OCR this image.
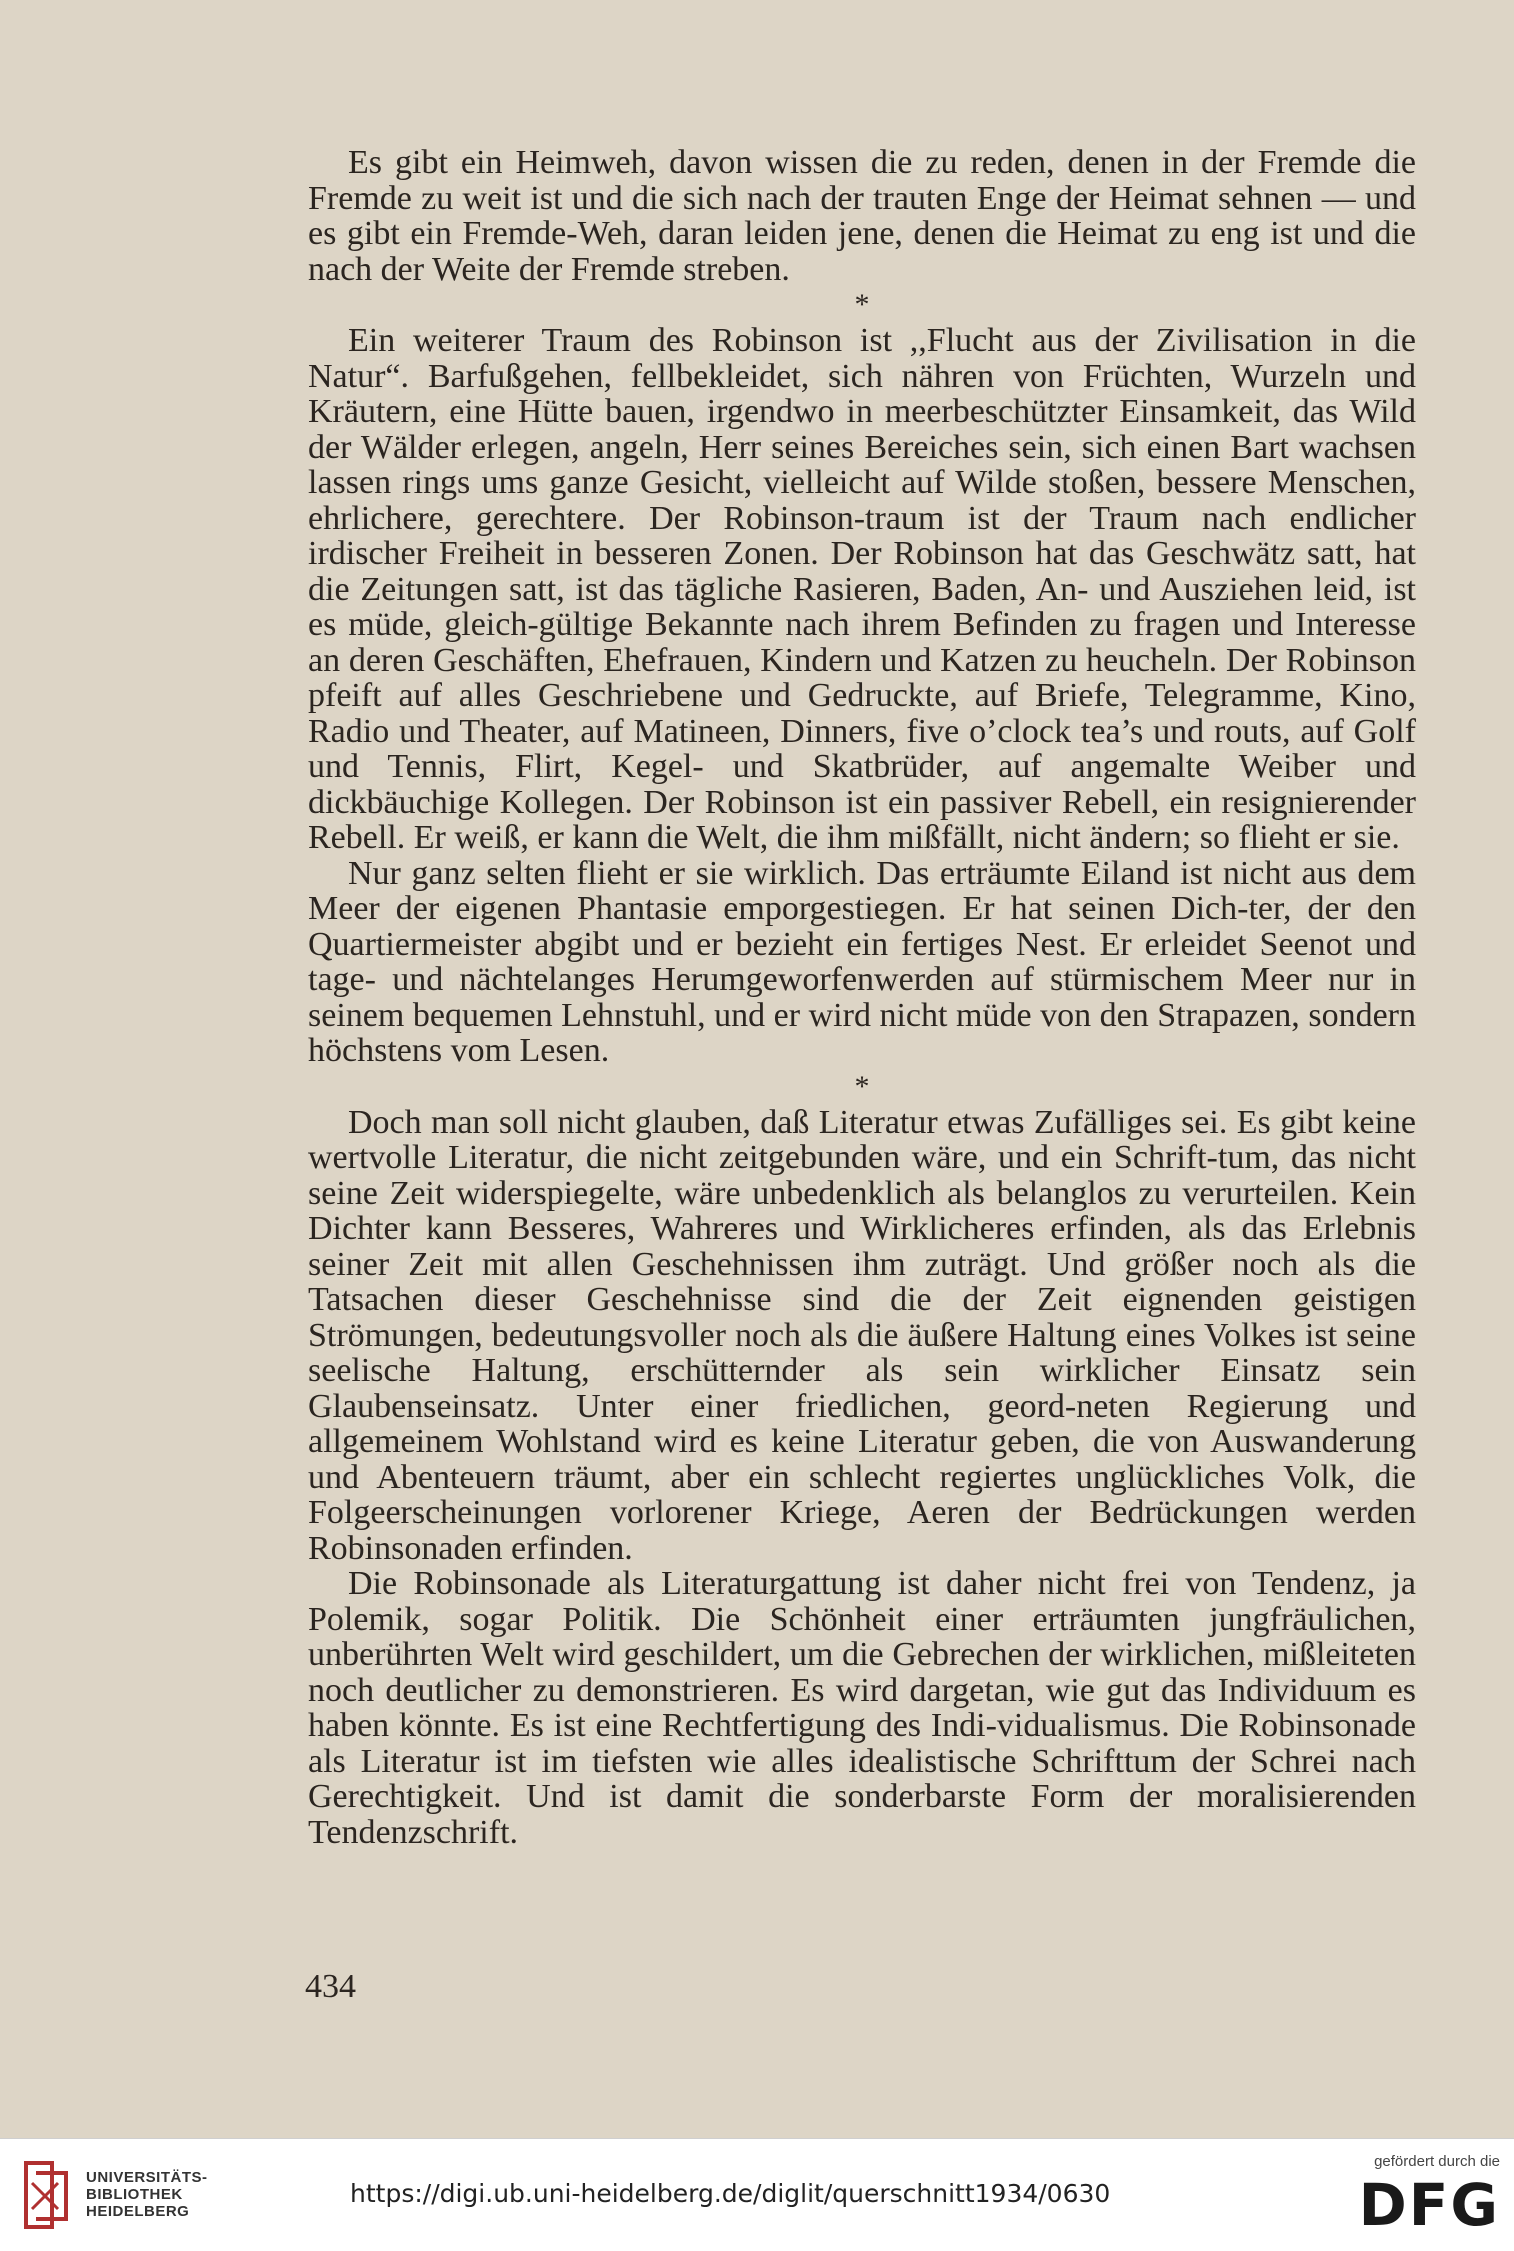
Es gibt ein Heimweh, davon wissen die zu reden, denen in der Fremde die Fremde zu weit ist und die sich nach der trauten Enge der Heimat sehnen — und es gibt ein Fremde-Weh, daran leiden jene, denen die Heimat zu eng ist und die nach der Weite der Fremde streben.

*

Ein weiterer Traum des Robinson ist ,,Flucht aus der Zivilisation in die Natur“. Barfußgehen, fellbekleidet, sich nähren von Früchten, Wurzeln und Kräutern, eine Hütte bauen, irgendwo in meerbeschützter Einsamkeit, das Wild der Wälder erlegen, angeln, Herr seines Bereiches sein, sich einen Bart wachsen lassen rings ums ganze Gesicht, vielleicht auf Wilde stoßen, bessere Menschen, ehrlichere, gerechtere. Der Robinson-traum ist der Traum nach endlicher irdischer Freiheit in besseren Zonen. Der Robinson hat das Geschwätz satt, hat die Zeitungen satt, ist das tägliche Rasieren, Baden, An- und Ausziehen leid, ist es müde, gleich-gültige Bekannte nach ihrem Befinden zu fragen und Interesse an deren Geschäften, Ehefrauen, Kindern und Katzen zu heucheln. Der Robinson pfeift auf alles Geschriebene und Gedruckte, auf Briefe, Telegramme, Kino, Radio und Theater, auf Matineen, Dinners, five o’clock tea’s und routs, auf Golf und Tennis, Flirt, Kegel- und Skatbrüder, auf angemalte Weiber und dickbäuchige Kollegen. Der Robinson ist ein passiver Rebell, ein resignierender Rebell. Er weiß, er kann die Welt, die ihm mißfällt, nicht ändern; so flieht er sie.

Nur ganz selten flieht er sie wirklich. Das erträumte Eiland ist nicht aus dem Meer der eigenen Phantasie emporgestiegen. Er hat seinen Dich-ter, der den Quartiermeister abgibt und er bezieht ein fertiges Nest. Er erleidet Seenot und tage- und nächtelanges Herumgeworfenwerden auf stürmischem Meer nur in seinem bequemen Lehnstuhl, und er wird nicht müde von den Strapazen, sondern höchstens vom Lesen.

*

Doch man soll nicht glauben, daß Literatur etwas Zufälliges sei. Es gibt keine wertvolle Literatur, die nicht zeitgebunden wäre, und ein Schrift-tum, das nicht seine Zeit widerspiegelte, wäre unbedenklich als belanglos zu verurteilen. Kein Dichter kann Besseres, Wahreres und Wirklicheres erfinden, als das Erlebnis seiner Zeit mit allen Geschehnissen ihm zuträgt. Und größer noch als die Tatsachen dieser Geschehnisse sind die der Zeit eignenden geistigen Strömungen, bedeutungsvoller noch als die äußere Haltung eines Volkes ist seine seelische Haltung, erschütternder als sein wirklicher Einsatz sein Glaubenseinsatz. Unter einer friedlichen, geord-neten Regierung und allgemeinem Wohlstand wird es keine Literatur geben, die von Auswanderung und Abenteuern träumt, aber ein schlecht regiertes unglückliches Volk, die Folgeerscheinungen vorlorener Kriege, Aeren der Bedrückungen werden Robinsonaden erfinden.

Die Robinsonade als Literaturgattung ist daher nicht frei von Tendenz, ja Polemik, sogar Politik. Die Schönheit einer erträumten jungfräulichen, unberührten Welt wird geschildert, um die Gebrechen der wirklichen, mißleiteten noch deutlicher zu demonstrieren. Es wird dargetan, wie gut das Individuum es haben könnte. Es ist eine Rechtfertigung des Indi-vidualismus. Die Robinsonade als Literatur ist im tiefsten wie alles idealistische Schrifttum der Schrei nach Gerechtigkeit. Und ist damit die sonderbarste Form der moralisierenden Tendenzschrift.

434
UNIVERSITÄTS-
BIBLIOTHEK
HEIDELBERG
https://digi.ub.uni-heidelberg.de/diglit/querschnitt1934/0630
gefördert durch die
DFG
